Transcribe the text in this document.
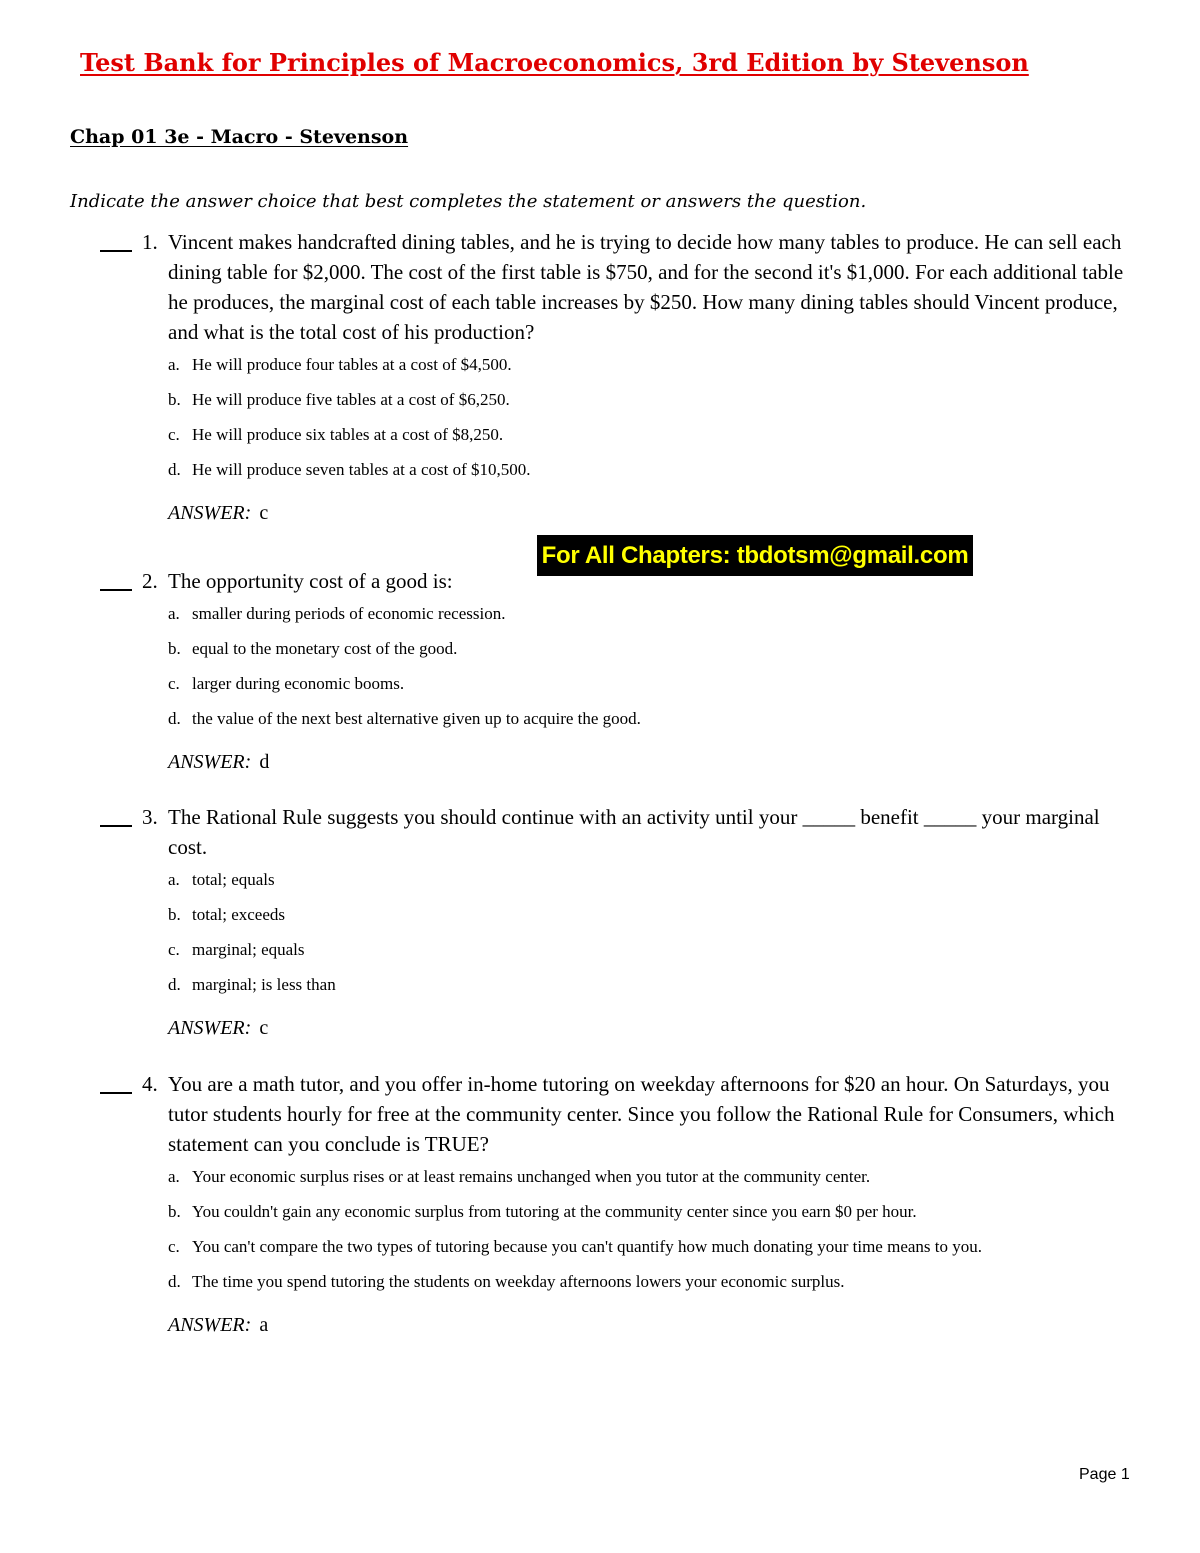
Test Bank for Principles of Macroeconomics, 3rd Edition by Stevenson
Chap 01 3e - Macro - Stevenson
Indicate the answer choice that best completes the statement or answers the question.
1. Vincent makes handcrafted dining tables, and he is trying to decide how many tables to produce. He can sell each dining table for $2,000. The cost of the first table is $750, and for the second it's $1,000. For each additional table he produces, the marginal cost of each table increases by $250. How many dining tables should Vincent produce, and what is the total cost of his production?
a. He will produce four tables at a cost of $4,500.
b. He will produce five tables at a cost of $6,250.
c. He will produce six tables at a cost of $8,250.
d. He will produce seven tables at a cost of $10,500.
ANSWER: c
2. The opportunity cost of a good is:
a. smaller during periods of economic recession.
b. equal to the monetary cost of the good.
c. larger during economic booms.
d. the value of the next best alternative given up to acquire the good.
ANSWER: d
3. The Rational Rule suggests you should continue with an activity until your _____ benefit _____ your marginal cost.
a. total; equals
b. total; exceeds
c. marginal; equals
d. marginal; is less than
ANSWER: c
4. You are a math tutor, and you offer in-home tutoring on weekday afternoons for $20 an hour. On Saturdays, you tutor students hourly for free at the community center. Since you follow the Rational Rule for Consumers, which statement can you conclude is TRUE?
a. Your economic surplus rises or at least remains unchanged when you tutor at the community center.
b. You couldn't gain any economic surplus from tutoring at the community center since you earn $0 per hour.
c. You can't compare the two types of tutoring because you can't quantify how much donating your time means to you.
d. The time you spend tutoring the students on weekday afternoons lowers your economic surplus.
ANSWER: a
For All Chapters: tbdotsm@gmail.com
Page 1
